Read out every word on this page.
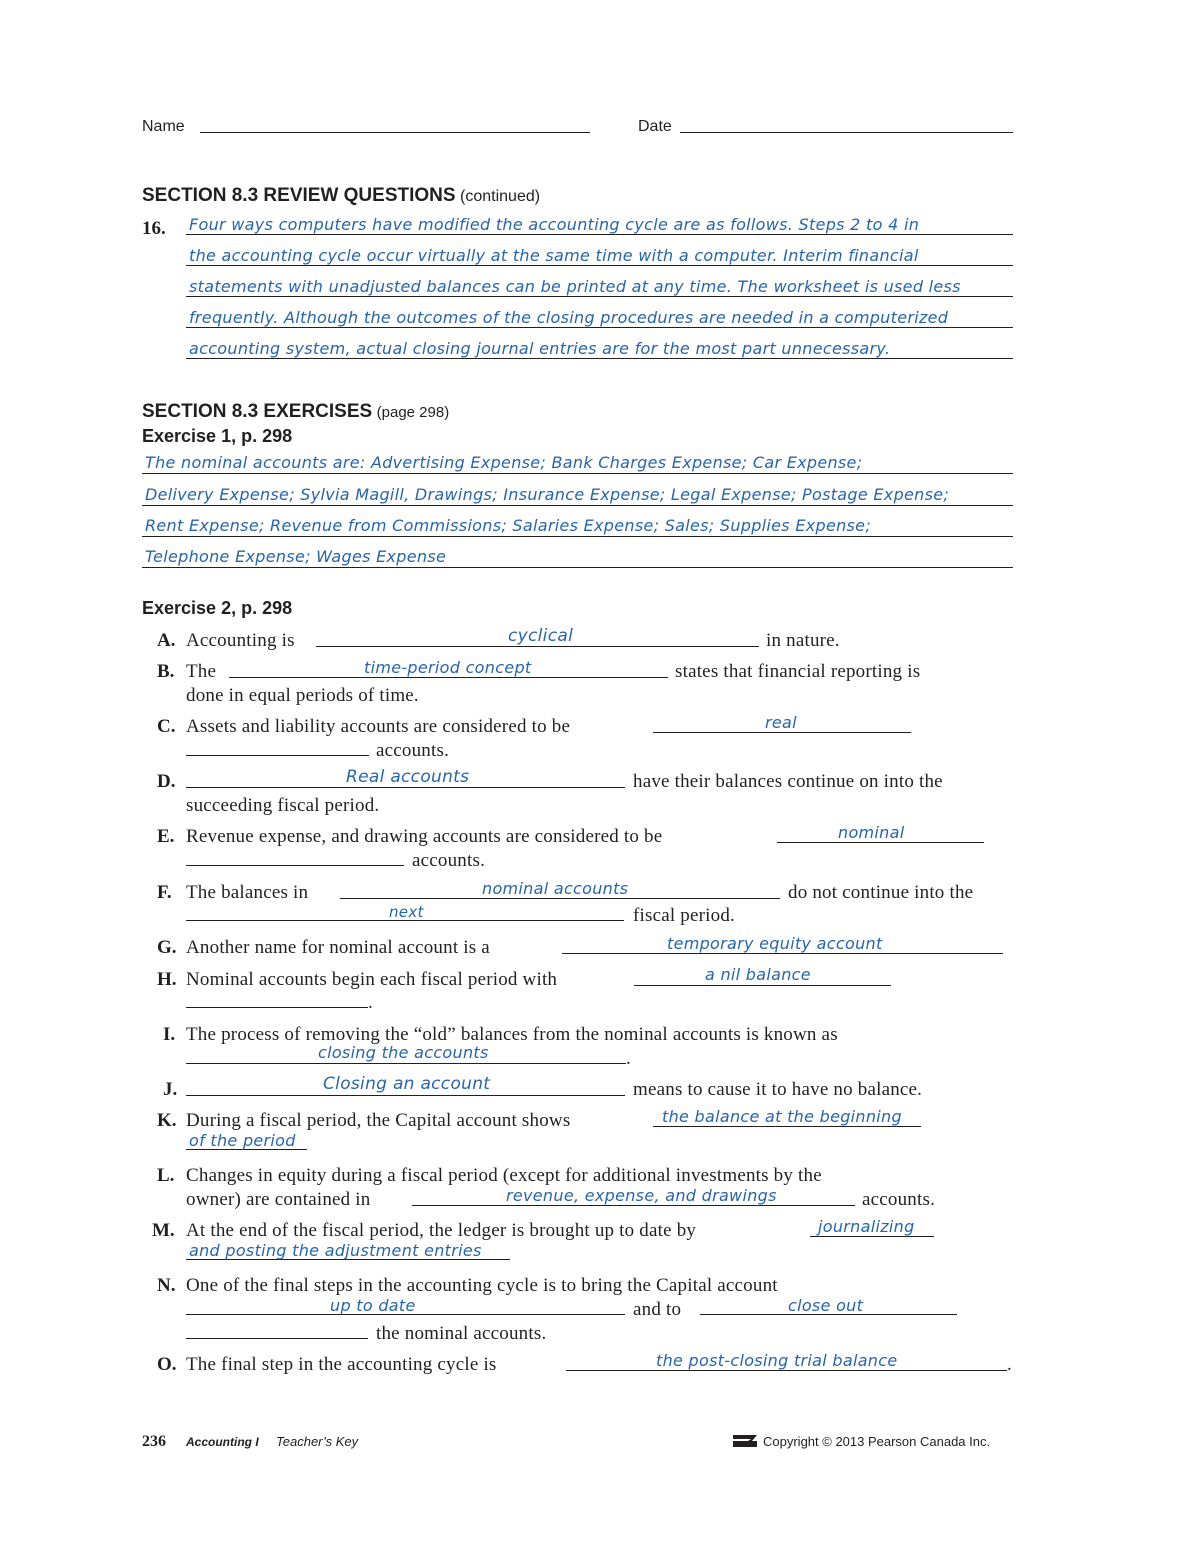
Name	Date
SECTION 8.3 REVIEW QUESTIONS (continued)
16. Four ways computers have modified the accounting cycle are as follows. Steps 2 to 4 in
the accounting cycle occur virtually at the same time with a computer. Interim financial
statements with unadjusted balances can be printed at any time. The worksheet is used less
frequently. Although the outcomes of the closing procedures are needed in a computerized
accounting system, actual closing journal entries are for the most part unnecessary.
SECTION 8.3 EXERCISES (page 298)
Exercise 1, p. 298
The nominal accounts are: Advertising Expense; Bank Charges Expense; Car Expense;
Delivery Expense; Sylvia Magill, Drawings; Insurance Expense; Legal Expense; Postage Expense;
Rent Expense; Revenue from Commissions; Salaries Expense; Sales; Supplies Expense;
Telephone Expense; Wages Expense
Exercise 2, p. 298
A. Accounting is	cyclical	in nature.
B. The	time-period concept	states that financial reporting is
done in equal periods of time.
C. Assets and liability accounts are considered to be	real
accounts.
D.	Real accounts	have their balances continue on into the
succeeding fiscal period.
E. Revenue expense, and drawing accounts are considered to be	nominal
accounts.
F. The balances in	nominal accounts	do not continue into the
next	fiscal period.
G. Another name for nominal account is a	temporary equity account
H. Nominal accounts begin each fiscal period with	a nil balance
.
I. The process of removing the “old” balances from the nominal accounts is known as
closing the accounts	.
J.	Closing an account	means to cause it to have no balance.
K. During a fiscal period, the Capital account shows	the balance at the beginning
of the period
L. Changes in equity during a fiscal period (except for additional investments by the
owner) are contained in	revenue, expense, and drawings	accounts.
M. At the end of the fiscal period, the ledger is brought up to date by	journalizing
and posting the adjustment entries
N. One of the final steps in the accounting cycle is to bring the Capital account
up to date	and to	close out
the nominal accounts.
O. The final step in the accounting cycle is	the post-closing trial balance	.
236 Accounting I Teacher’s Key	Copyright © 2013 Pearson Canada Inc.
